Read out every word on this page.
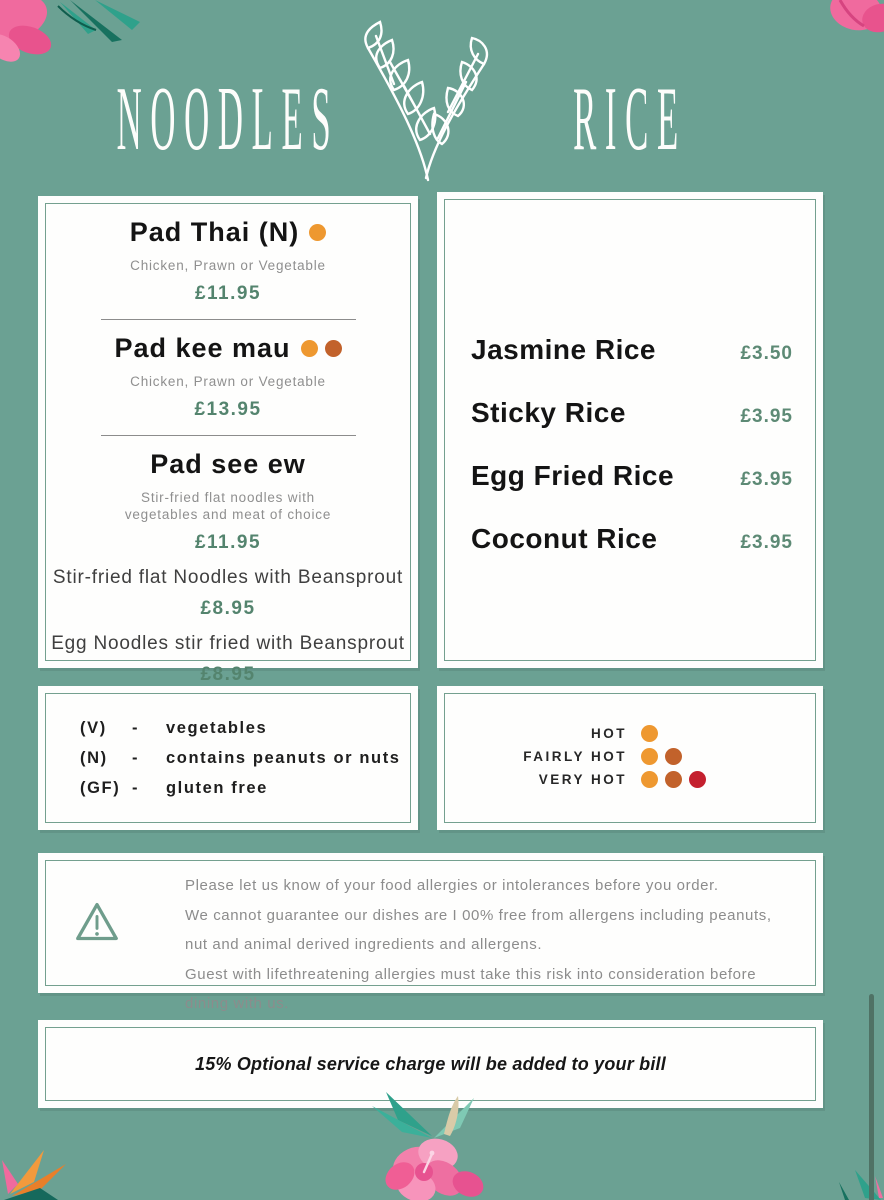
NOODLES	RICE
Pad Thai (N)
Chicken, Prawn or Vegetable
£11.95
Pad kee mau
Chicken, Prawn or Vegetable
£13.95
Pad see ew
Stir-fried flat noodles with vegetables and meat of choice
£11.95
Stir-fried flat Noodles with Beansprout
£8.95
Egg Noodles stir fried with Beansprout
£8.95
Jasmine Rice	£3.50
Sticky Rice	£3.95
Egg Fried Rice	£3.95
Coconut Rice	£3.95
(V)	-	vegetables
(N)	-	contains peanuts or nuts
(GF) -	gluten free
HOT
FAIRLY HOT
VERY HOT
Please let us know of your food allergies or intolerances before you order.
We cannot guarantee our dishes are I 00% free from allergens including peanuts,
nut and animal derived ingredients and allergens.
Guest with lifethreatening allergies must take this risk into consideration before
dining with us.
15% Optional service charge will be added to your bill
